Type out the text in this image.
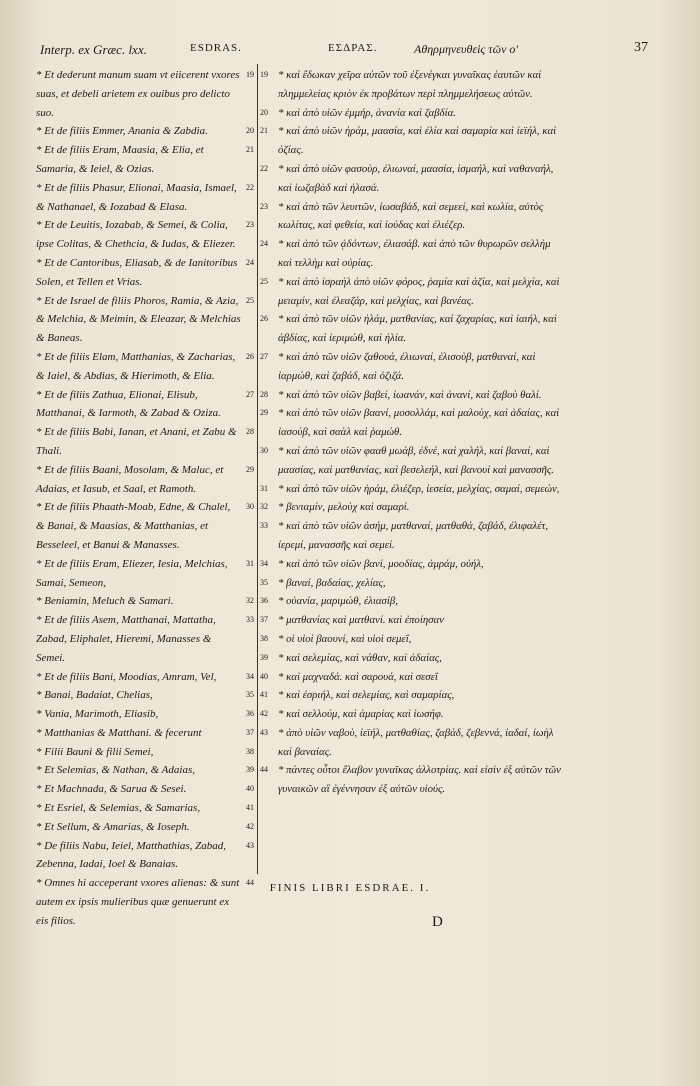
Interp. ex Græc. lxx.	ESDRAS.	ΕΣΔΡΑΣ.	Αθηρμηνευθεὶς τῶν ο'	37

19
* Et dederunt manum suam vt eiicerent vxores suas, et debeli arietem ex ouibus pro delicto suo.

20
* Et de filiis Emmer, Anania & Zabdia.

21
* Et de filiis Eram, Maasia, & Elia, et Samaria, & Ieiel, & Ozias.

22
* Et de filiis Phasur, Elionai, Maasia, Ismael, & Nathanael, & Iozabad & Elasa.

23
* Et de Leuitis, Iozabab, & Semei, & Colia, ipse Colitas, & Chethcia, & Iudas, & Eliezer.

24
* Et de Cantoribus, Eliasab, & de Ianitoribus Solen, et Tellen et Vrias.

25
* Et de Israel de filiis Phoros, Ramia, & Azia, & Melchia, & Meimin, & Eleazar, & Melchias & Baneas.

26
* Et de filiis Elam, Matthanias, & Zacharias, & Iaiel, & Abdias, & Hierimoth, & Elia.

27
* Et de filiis Zathua, Elionai, Elisub, Matthanai, & Iarmoth, & Zabad & Oziza.

28
* Et de filiis Babi, Ianan, et Anani, et Zabu & Thali.

29
* Et de filiis Baani, Mosolam, & Maluc, et Adaias, et Iasub, et Saal, et Ramoth.

30
* Et de filiis Phaath-Moab, Edne, & Chalel, & Banai, & Maasias, & Matthanias, et Besseleel, et Banui & Manasses.

31
* Et de filiis Eram, Eliezer, Iesia, Melchias, Samai, Semeon,

32
* Beniamin, Meluch & Samari.

33
* Et de filiis Asem, Matthanai, Mattatha, Zabad, Eliphalet, Hieremi, Manasses & Semei.

34
* Et de filiis Bani, Moodias, Amram, Vel,

35
* Banai, Badaiat, Chelias,

36
* Vania, Marimoth, Eliasib,

37
* Matthanias & Matthani. & fecerunt

38
* Filii Bauni & filii Semei,

39
* Et Selemias, & Nathan, & Adaias,

40
* Et Machnada, & Sarua & Sesei.

41
* Et Esriel, & Selemias, & Samarias,

42
* Et Sellum, & Amarias, & Ioseph.

43
* De filiis Nabu, Ieiel, Matthathias, Zabad, Zebenna, Iadai, Ioel & Banaias.

44
* Omnes hi acceperant vxores alienas: & sunt autem ex ipsis mulieribus quæ genuerunt ex eis filios.

19 * καὶ ἔδωκαν χεῖρα αὐτῶν τοῦ ἐξενέγκαι γυναῖκας ἑαυτῶν καὶ πλημμελείας κριὸν ἐκ προβάτων περὶ πλημμελήσεως αὐτῶν.

20 * καὶ ἀπὸ υἱῶν ἐμμήρ, ἀνανία καὶ ζαβδία.

21 * καὶ ἀπὸ υἱῶν ἠράμ, μαασία, καὶ ἐλία καὶ σαμαρία καὶ ἰεϊήλ, καὶ ὀζίας.

22 * καὶ ἀπὸ υἱῶν φασοὺρ, ἐλιωναί, μαασία, ἰσμαήλ, καὶ ναθαναήλ, καὶ ἰωζαβὰδ καὶ ἠλασά.

23 * καὶ ἀπὸ τῶν λευιτῶν, ἰωσαβάδ, καὶ σεμεεί, καὶ κωλία, αὐτὸς κωλίτας, καὶ φεθεία, καὶ ἰούδας καὶ ἐλιέζερ.

24 * καὶ ἀπὸ τῶν ᾀδόντων, ἐλιασάβ. καὶ ἀπὸ τῶν θυρωρῶν σελλὴμ καὶ τελλὴμ καὶ οὐρίας.

25 * καὶ ἀπὸ ἰσραὴλ ἀπὸ υἱῶν φόρος, ῥαμία καὶ ἀζία, καὶ μελχία, καὶ μειαμίν, καὶ ἐλεαζάρ, καὶ μελχίας, καὶ βανέας.

26 * καὶ ἀπὸ τῶν υἱῶν ἠλάμ, ματθανίας, καὶ ζαχαρίας, καὶ ἰαιήλ, καὶ ἀβδίας, καὶ ἰεριμώθ, καὶ ἠλία.

27 * καὶ ἀπὸ τῶν υἱῶν ζαθουά, ἐλιωναί, ἐλισοὺβ, ματθαναί, καὶ ἰαρμώθ, καὶ ζαβάδ, καὶ ὀζιζά.

28 * καὶ ἀπὸ τῶν υἱῶν βαβεί, ἰωανάν, καὶ ἀνανί, καὶ ζαβοὺ θαλί.

29 * καὶ ἀπὸ τῶν υἱῶν βαανί, μοσολλάμ, καὶ μαλοὺχ, καὶ ἀδαίας, καὶ ἰασούβ, καὶ σαὰλ καὶ ῥαμώθ.

30 * καὶ ἀπὸ τῶν υἱῶν φααθ μωάβ, ἐδνέ, καὶ χαλήλ, καὶ βαναί, καὶ μαασίας, καὶ ματθανίας, καὶ βεσελεήλ, καὶ βανουί καὶ μανασσῆς.

31 * καὶ ἀπὸ τῶν υἱῶν ἠράμ, ἐλιέζερ, ἰεσεία, μελχίας, σαμαί, σεμεών,

32 * βενιαμίν, μελοὺχ καὶ σαμαρί.

33 * καὶ ἀπὸ τῶν υἱῶν ἀσήμ, ματθαναί, ματθαθά, ζαβάδ, ἐλιφαλέτ, ἰερεμί, μανασσῆς καὶ σεμεί.

34 * καὶ ἀπὸ τῶν υἱῶν βανί, μοοδίας, ἀμράμ, οὐήλ,

35 * βαναί, βαδαίας, χελίας,

36 * οὐανία, μαριμώθ, ἐλιασίβ,

37 * ματθανίας καὶ ματθανί. καὶ ἐποίησαν

38 * οἱ υἱοὶ βαουνί, καὶ υἱοὶ σεμεΐ,

39 * καὶ σελεμίας, καὶ νάθαν, καὶ ἀδαίας,

40 * καὶ μαχναδά. καὶ σαρουά, καὶ σεσεΐ

41 * καὶ ἐσριήλ, καὶ σελεμίας, καὶ σαμαρίας,

42 * καὶ σελλούμ, καὶ ἀμαρίας καὶ ἰωσήφ.

43 * ἀπὸ υἱῶν ναβοὺ, ἰεϊήλ, ματθαθίας, ζαβάδ, ζεβεννά, ἰαδαί, ἰωὴλ καὶ βαναίας.

44 * πάντες οὗτοι ἔλαβον γυναῖκας ἀλλοτρίας. καὶ εἰσὶν ἐξ αὐτῶν τῶν γυναικῶν αἳ ἐγέννησαν ἐξ αὐτῶν υἱούς.

FINIS LIBRI ESDRAE. I.
D
